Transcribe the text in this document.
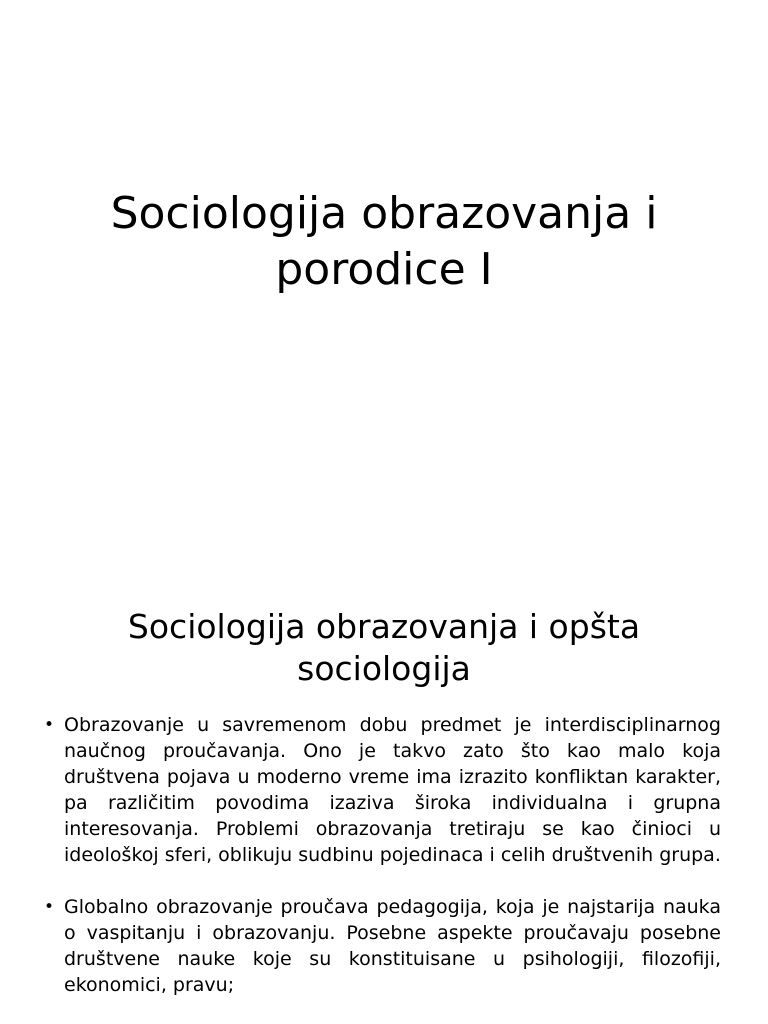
Sociologija obrazovanja i porodice I
Sociologija obrazovanja i opšta sociologija
• Obrazovanje u savremenom dobu predmet je interdisciplinarnog naučnog proučavanja. Ono je takvo zato što kao malo koja društvena pojava u moderno vreme ima izrazito konfliktan karakter, pa različitim povodima izaziva široka individualna i grupna interesovanja. Problemi obrazovanja tretiraju se kao činioci u ideološkoj sferi, oblikuju sudbinu pojedinaca i celih društvenih grupa.
• Globalno obrazovanje proučava pedagogija, koja je najstarija nauka o vaspitanju i obrazovanju. Posebne aspekte proučavaju posebne društvene nauke koje su konstituisane u psihologiji, filozofiji, ekonomici, pravu;
